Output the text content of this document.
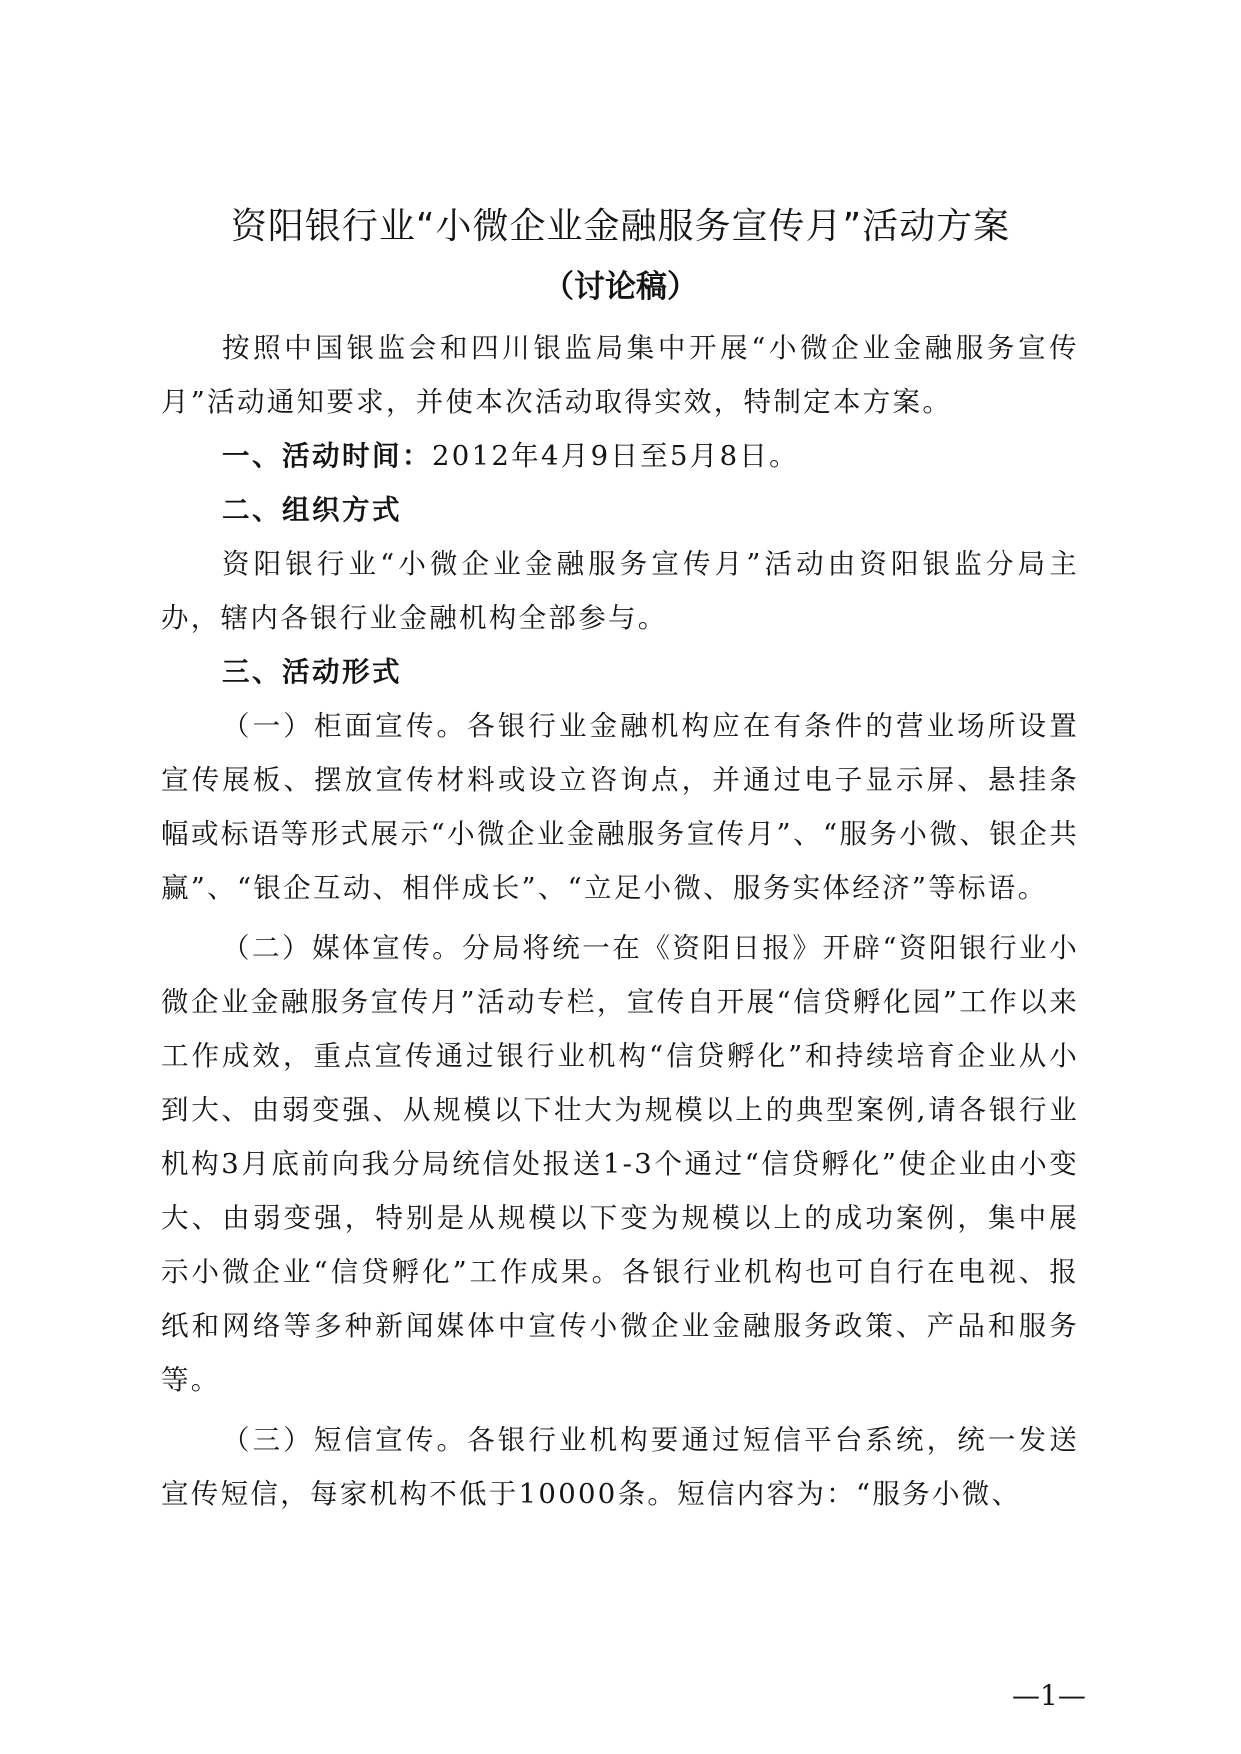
资阳银行业“小微企业金融服务宣传月”活动方案
（讨论稿）

按照中国银监会和四川银监局集中开展“小微企业金融服务宣传月”活动通知要求，并使本次活动取得实效，特制定本方案。

一、活动时间：2012年4月9日至5月8日。

二、组织方式

资阳银行业“小微企业金融服务宣传月”活动由资阳银监分局主办，辖内各银行业金融机构全部参与。

三、活动形式

（一）柜面宣传。各银行业金融机构应在有条件的营业场所设置宣传展板、摆放宣传材料或设立咨询点，并通过电子显示屏、悬挂条幅或标语等形式展示“小微企业金融服务宣传月”、“服务小微、银企共赢”、“银企互动、相伴成长”、“立足小微、服务实体经济”等标语。

（二）媒体宣传。分局将统一在《资阳日报》开辟“资阳银行业小微企业金融服务宣传月”活动专栏，宣传自开展“信贷孵化园”工作以来工作成效，重点宣传通过银行业机构“信贷孵化”和持续培育企业从小到大、由弱变强、从规模以下壮大为规模以上的典型案例,请各银行业机构3月底前向我分局统信处报送1-3个通过“信贷孵化”使企业由小变大、由弱变强，特别是从规模以下变为规模以上的成功案例，集中展示小微企业“信贷孵化”工作成果。各银行业机构也可自行在电视、报纸和网络等多种新闻媒体中宣传小微企业金融服务政策、产品和服务等。

（三）短信宣传。各银行业机构要通过短信平台系统，统一发送宣传短信，每家机构不低于10000条。短信内容为：“服务小微、

—1—
